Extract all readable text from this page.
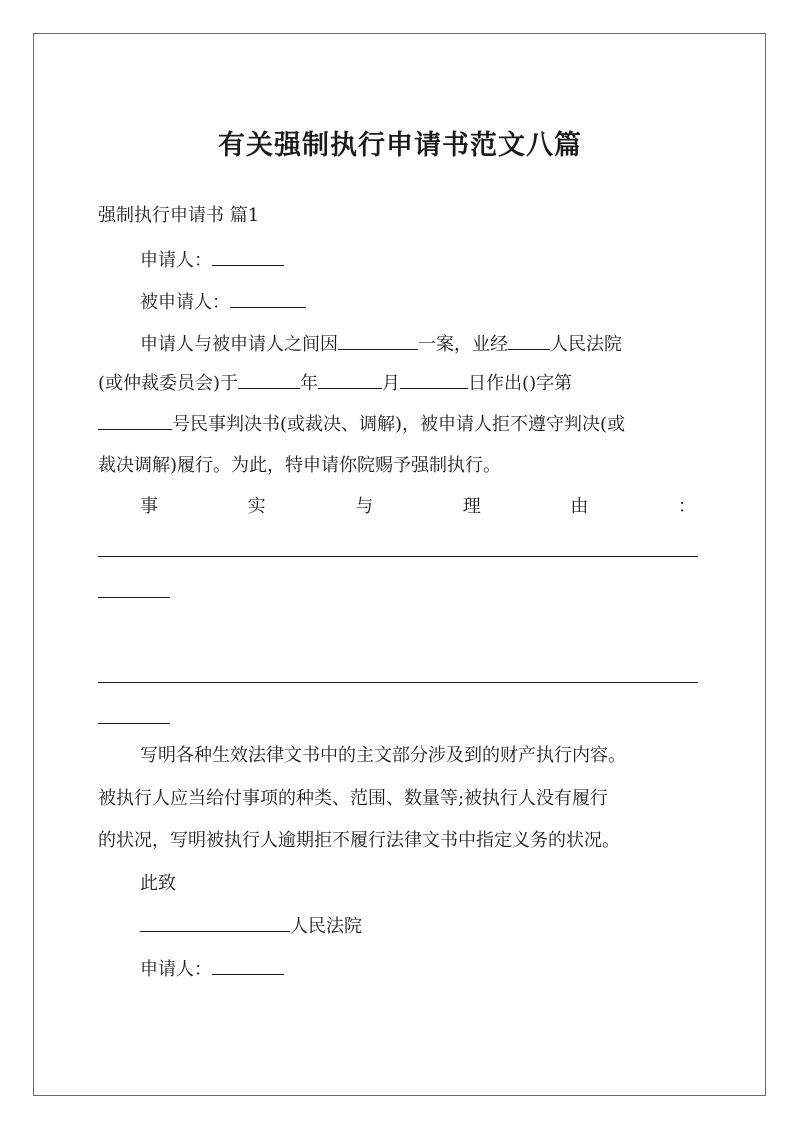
有关强制执行申请书范文八篇
强制执行申请书 篇1
申请人：
被申请人：
申请人与被申请人之间因	一案，业经 人民法院
(或仲裁委员会)于	年	月	日作出()字第
号民事判决书(或裁决、调解)，被申请人拒不遵守判决(或
裁决调解)履行。为此，特申请你院赐予强制执行。
事	实	与	理	由	：
写明各种生效法律文书中的主文部分涉及到的财产执行内容。
被执行人应当给付事项的种类、范围、数量等;被执行人没有履行
的状况，写明被执行人逾期拒不履行法律文书中指定义务的状况。
此致
人民法院
申请人：
